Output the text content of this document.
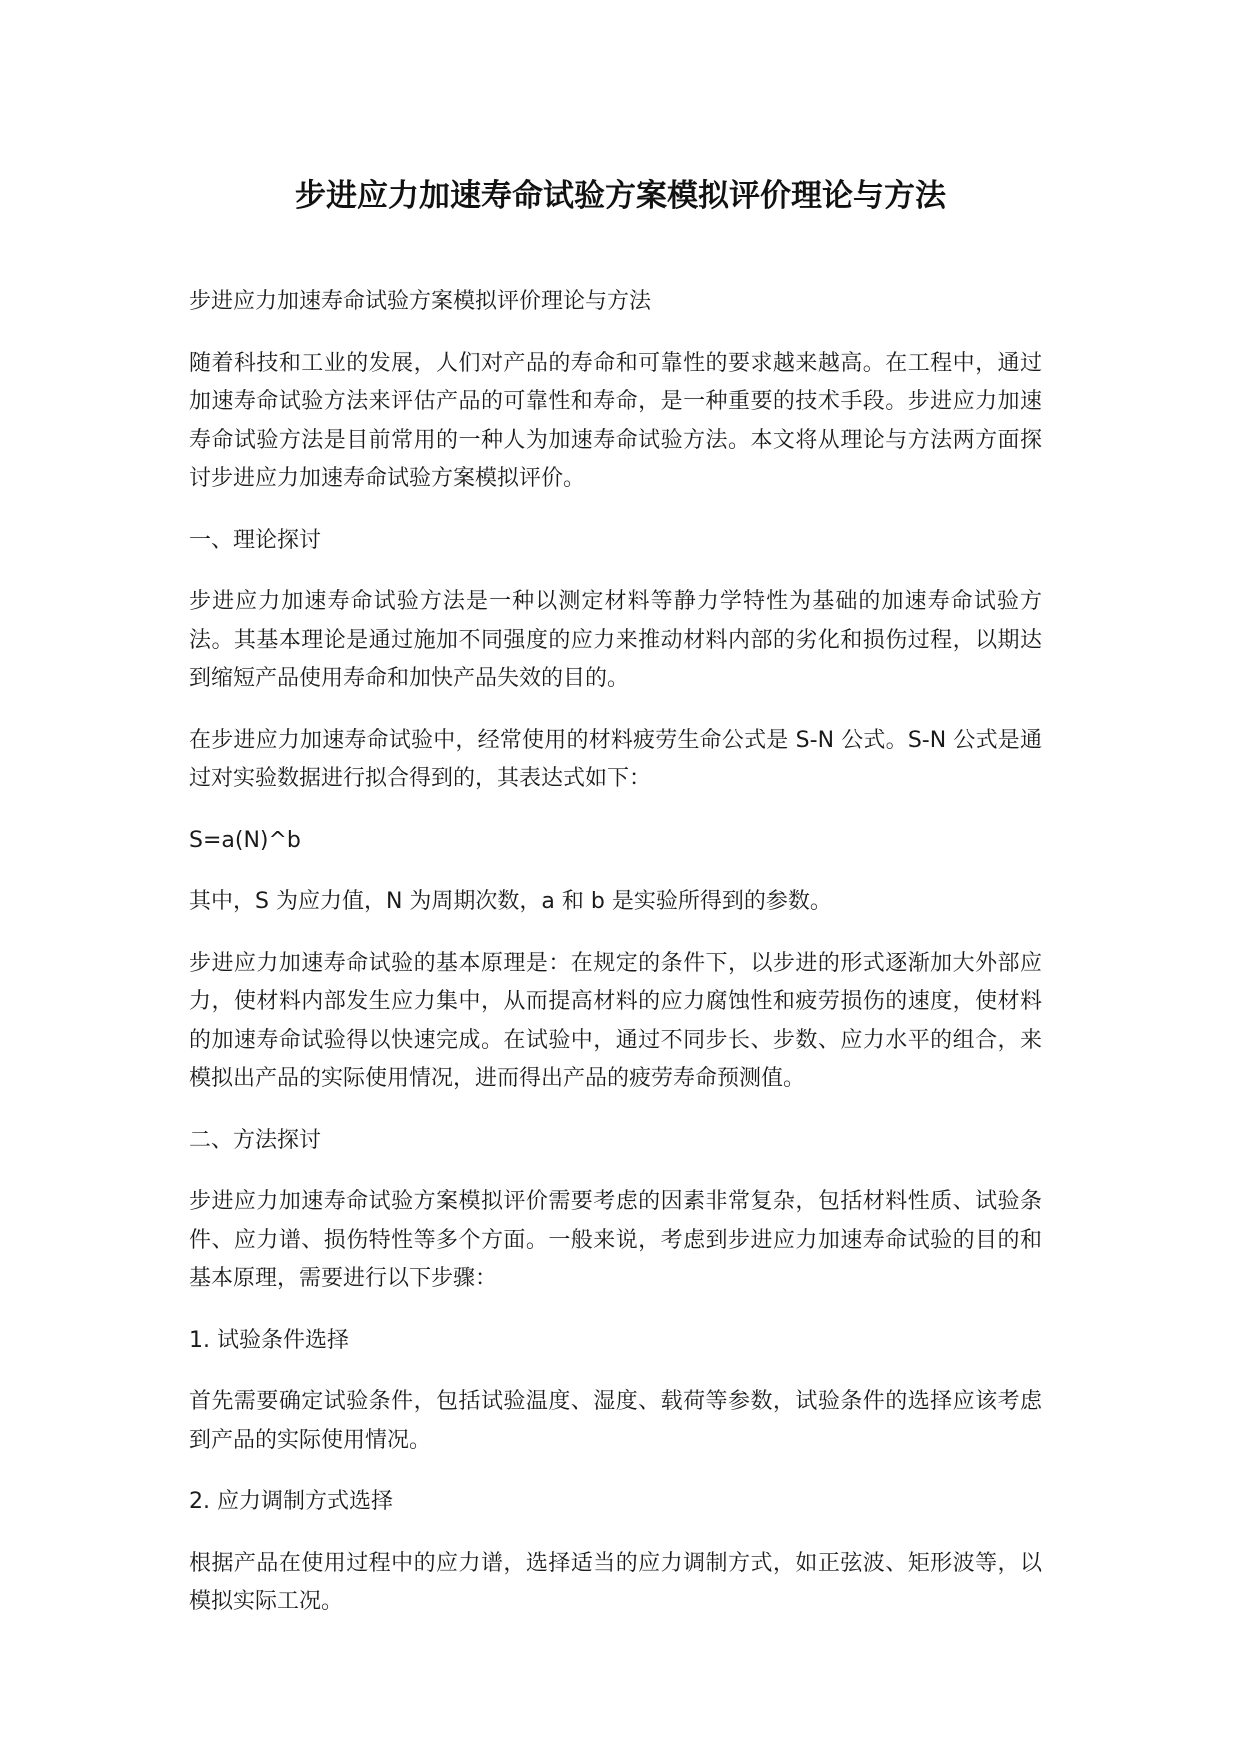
步进应力加速寿命试验方案模拟评价理论与方法

步进应力加速寿命试验方案模拟评价理论与方法

随着科技和工业的发展，人们对产品的寿命和可靠性的要求越来越高。在工程中，通过加速寿命试验方法来评估产品的可靠性和寿命，是一种重要的技术手段。步进应力加速寿命试验方法是目前常用的一种人为加速寿命试验方法。本文将从理论与方法两方面探讨步进应力加速寿命试验方案模拟评价。

一、理论探讨

步进应力加速寿命试验方法是一种以测定材料等静力学特性为基础的加速寿命试验方法。其基本理论是通过施加不同强度的应力来推动材料内部的劣化和损伤过程，以期达到缩短产品使用寿命和加快产品失效的目的。

在步进应力加速寿命试验中，经常使用的材料疲劳生命公式是 S-N 公式。S-N 公式是通过对实验数据进行拟合得到的，其表达式如下：

S=a(N)^b

其中，S 为应力值，N 为周期次数，a 和 b 是实验所得到的参数。

步进应力加速寿命试验的基本原理是：在规定的条件下，以步进的形式逐渐加大外部应力，使材料内部发生应力集中，从而提高材料的应力腐蚀性和疲劳损伤的速度，使材料的加速寿命试验得以快速完成。在试验中，通过不同步长、步数、应力水平的组合，来模拟出产品的实际使用情况，进而得出产品的疲劳寿命预测值。

二、方法探讨

步进应力加速寿命试验方案模拟评价需要考虑的因素非常复杂，包括材料性质、试验条件、应力谱、损伤特性等多个方面。一般来说，考虑到步进应力加速寿命试验的目的和基本原理，需要进行以下步骤：

1. 试验条件选择

首先需要确定试验条件，包括试验温度、湿度、载荷等参数，试验条件的选择应该考虑到产品的实际使用情况。

2. 应力调制方式选择

根据产品在使用过程中的应力谱，选择适当的应力调制方式，如正弦波、矩形波等，以模拟实际工况。
